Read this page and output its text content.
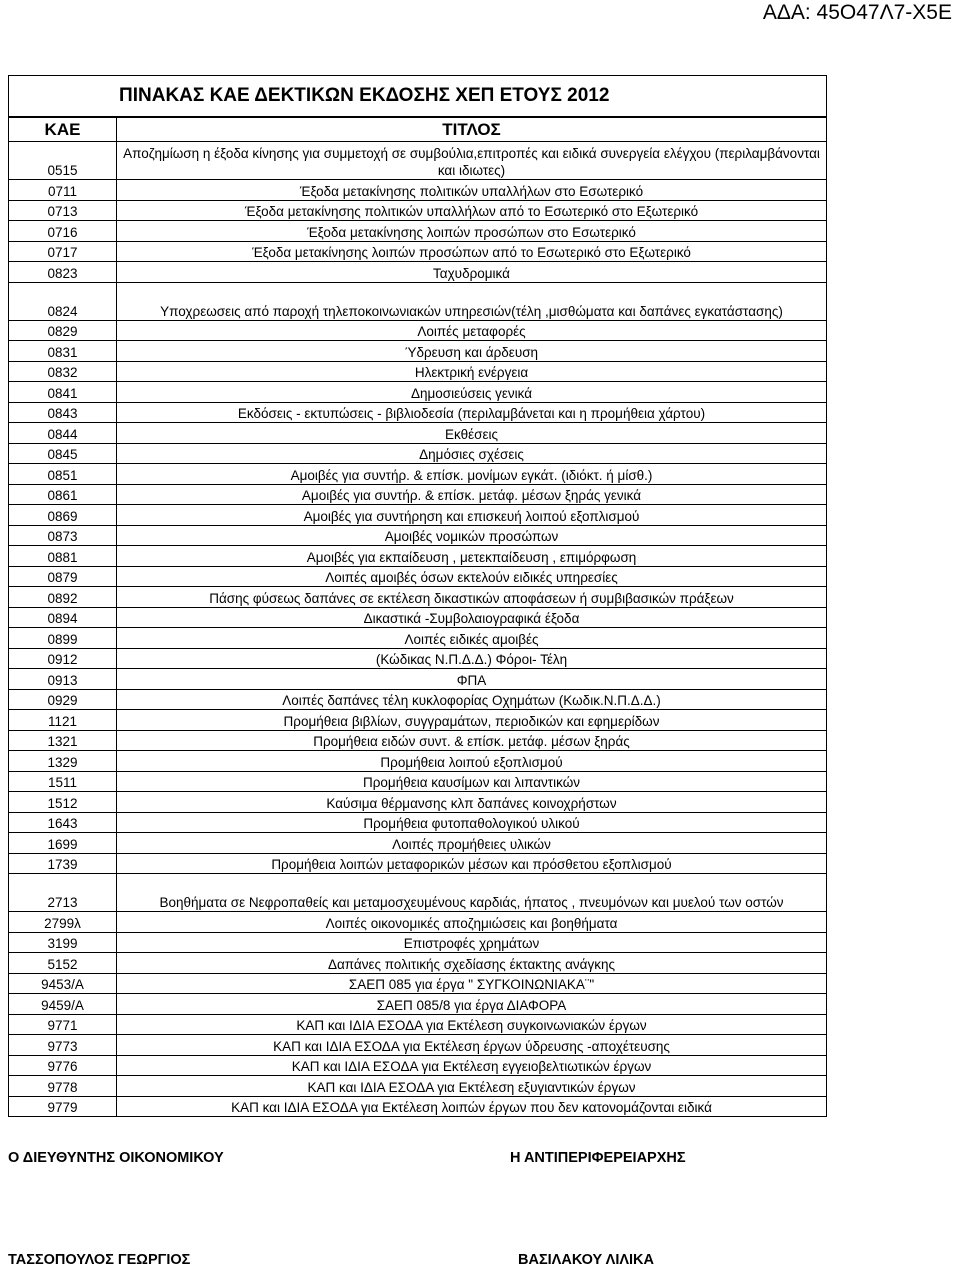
ΑΔΑ: 45Ο47Λ7-Χ5Ε
ΠΙΝΑΚΑΣ ΚΑΕ ΔΕΚΤΙΚΩΝ ΕΚΔΟΣΗΣ ΧΕΠ ΕΤΟΥΣ 2012
ΚΑΕ	ΤΙΤΛΟΣ
0515	Αποζημίωση η έξοδα κίνησης για συμμετοχή σε συμβούλια,επιτροπές και ειδικά συνεργεία ελέγχου (περιλαμβάνονται και ιδιωτες)
0711	Έξοδα μετακίνησης πολιτικών υπαλλήλων στο Εσωτερικό
0713	Έξοδα μετακίνησης πολιτικών υπαλλήλων από το Εσωτερικό στο Εξωτερικό
0716	Έξοδα μετακίνησης λοιπών προσώπων στο Εσωτερικό
0717	Έξοδα μετακίνησης λοιπών προσώπων από το Εσωτερικό στο Εξωτερικό
0823	Ταχυδρομικά
0824	Υποχρεωσεις από παροχή τηλεποκοινωνιακών υπηρεσιών(τέλη ,μισθώματα και δαπάνες εγκατάστασης)
0829	Λοιπές μεταφορές
0831	Ύδρευση και άρδευση
0832	Ηλεκτρική ενέργεια
0841	Δημοσιεύσεις γενικά
0843	Εκδόσεις - εκτυπώσεις - βιβλιοδεσία (περιλαμβάνεται και η προμήθεια χάρτου)
0844	Εκθέσεις
0845	Δημόσιες σχέσεις
0851	Αμοιβές για συντήρ. & επίσκ. μονίμων εγκάτ. (ιδιόκτ. ή μίσθ.)
0861	Αμοιβές για συντήρ. & επίσκ. μετάφ. μέσων ξηράς γενικά
0869	Αμοιβές για συντήρηση και επισκευή λοιπού εξοπλισμού
0873	Αμοιβές νομικών προσώπων
0881	Αμοιβές για εκπαίδευση , μετεκπαίδευση , επιμόρφωση
0879	Λοιπές αμοιβές όσων εκτελούν ειδικές υπηρεσίες
0892	Πάσης φύσεως δαπάνες σε εκτέλεση δικαστικών αποφάσεων ή συμβιβασικών πράξεων
0894	Δικαστικά -Συμβολαιογραφικά έξοδα
0899	Λοιπές ειδικές αμοιβές
0912	(Κώδικας Ν.Π.Δ.Δ.) Φόροι- Τέλη
0913	ΦΠΑ
0929	Λοιπές δαπάνες τέλη κυκλοφορίας Οχημάτων (Κωδικ.Ν.Π.Δ.Δ.)
1121	Προμήθεια βιβλίων, συγγραμάτων, περιοδικών και εφημερίδων
1321	Προμήθεια ειδών συντ. & επίσκ. μετάφ. μέσων ξηράς
1329	Προμήθεια λοιπού εξοπλισμού
1511	Προμήθεια καυσίμων και λιπαντικών
1512	Καύσιμα θέρμανσης κλπ δαπάνες κοινοχρήστων
1643	Προμήθεια φυτοπαθολογικού υλικού
1699	Λοιπές προμήθειες υλικών
1739	Προμήθεια λοιπών μεταφορικών μέσων και πρόσθετου εξοπλισμού
2713	Βοηθήματα σε Νεφροπαθείς και μεταμοσχευμένους καρδιάς, ήπατος , πνευμόνων και μυελού των οστών
2799λ	Λοιπές οικονομικές αποζημιώσεις και βοηθήματα
3199	Επιστροφές χρημάτων
5152	Δαπάνες πολιτικής σχεδίασης έκτακτης ανάγκης
9453/Α	ΣΑΕΠ 085 για έργα " ΣΥΓΚΟΙΝΩΝΙΑΚΑ¨"
9459/Α	ΣΑΕΠ 085/8 για έργα ΔΙΑΦΟΡΑ
9771	ΚΑΠ και ΙΔΙΑ ΕΣΟΔΑ για Εκτέλεση συγκοινωνιακών έργων
9773	ΚΑΠ και ΙΔΙΑ ΕΣΟΔΑ για Εκτέλεση έργων ύδρευσης -αποχέτευσης
9776	ΚΑΠ και ΙΔΙΑ ΕΣΟΔΑ για Εκτέλεση εγγειοβελτιωτικών έργων
9778	ΚΑΠ και ΙΔΙΑ ΕΣΟΔΑ για Εκτέλεση εξυγιαντικών έργων
9779	ΚΑΠ και ΙΔΙΑ ΕΣΟΔΑ για Εκτέλεση λοιπών έργων που δεν κατονομάζονται ειδικά
Ο ΔΙΕΥΘΥΝΤΗΣ ΟΙΚΟΝΟΜΙΚΟΥ	Η ΑΝΤΙΠΕΡΙΦΕΡΕΙΑΡΧΗΣ
ΤΑΣΣΟΠΟΥΛΟΣ ΓΕΩΡΓΙΟΣ	ΒΑΣΙΛΑΚΟΥ ΛΙΛΙΚΑ
